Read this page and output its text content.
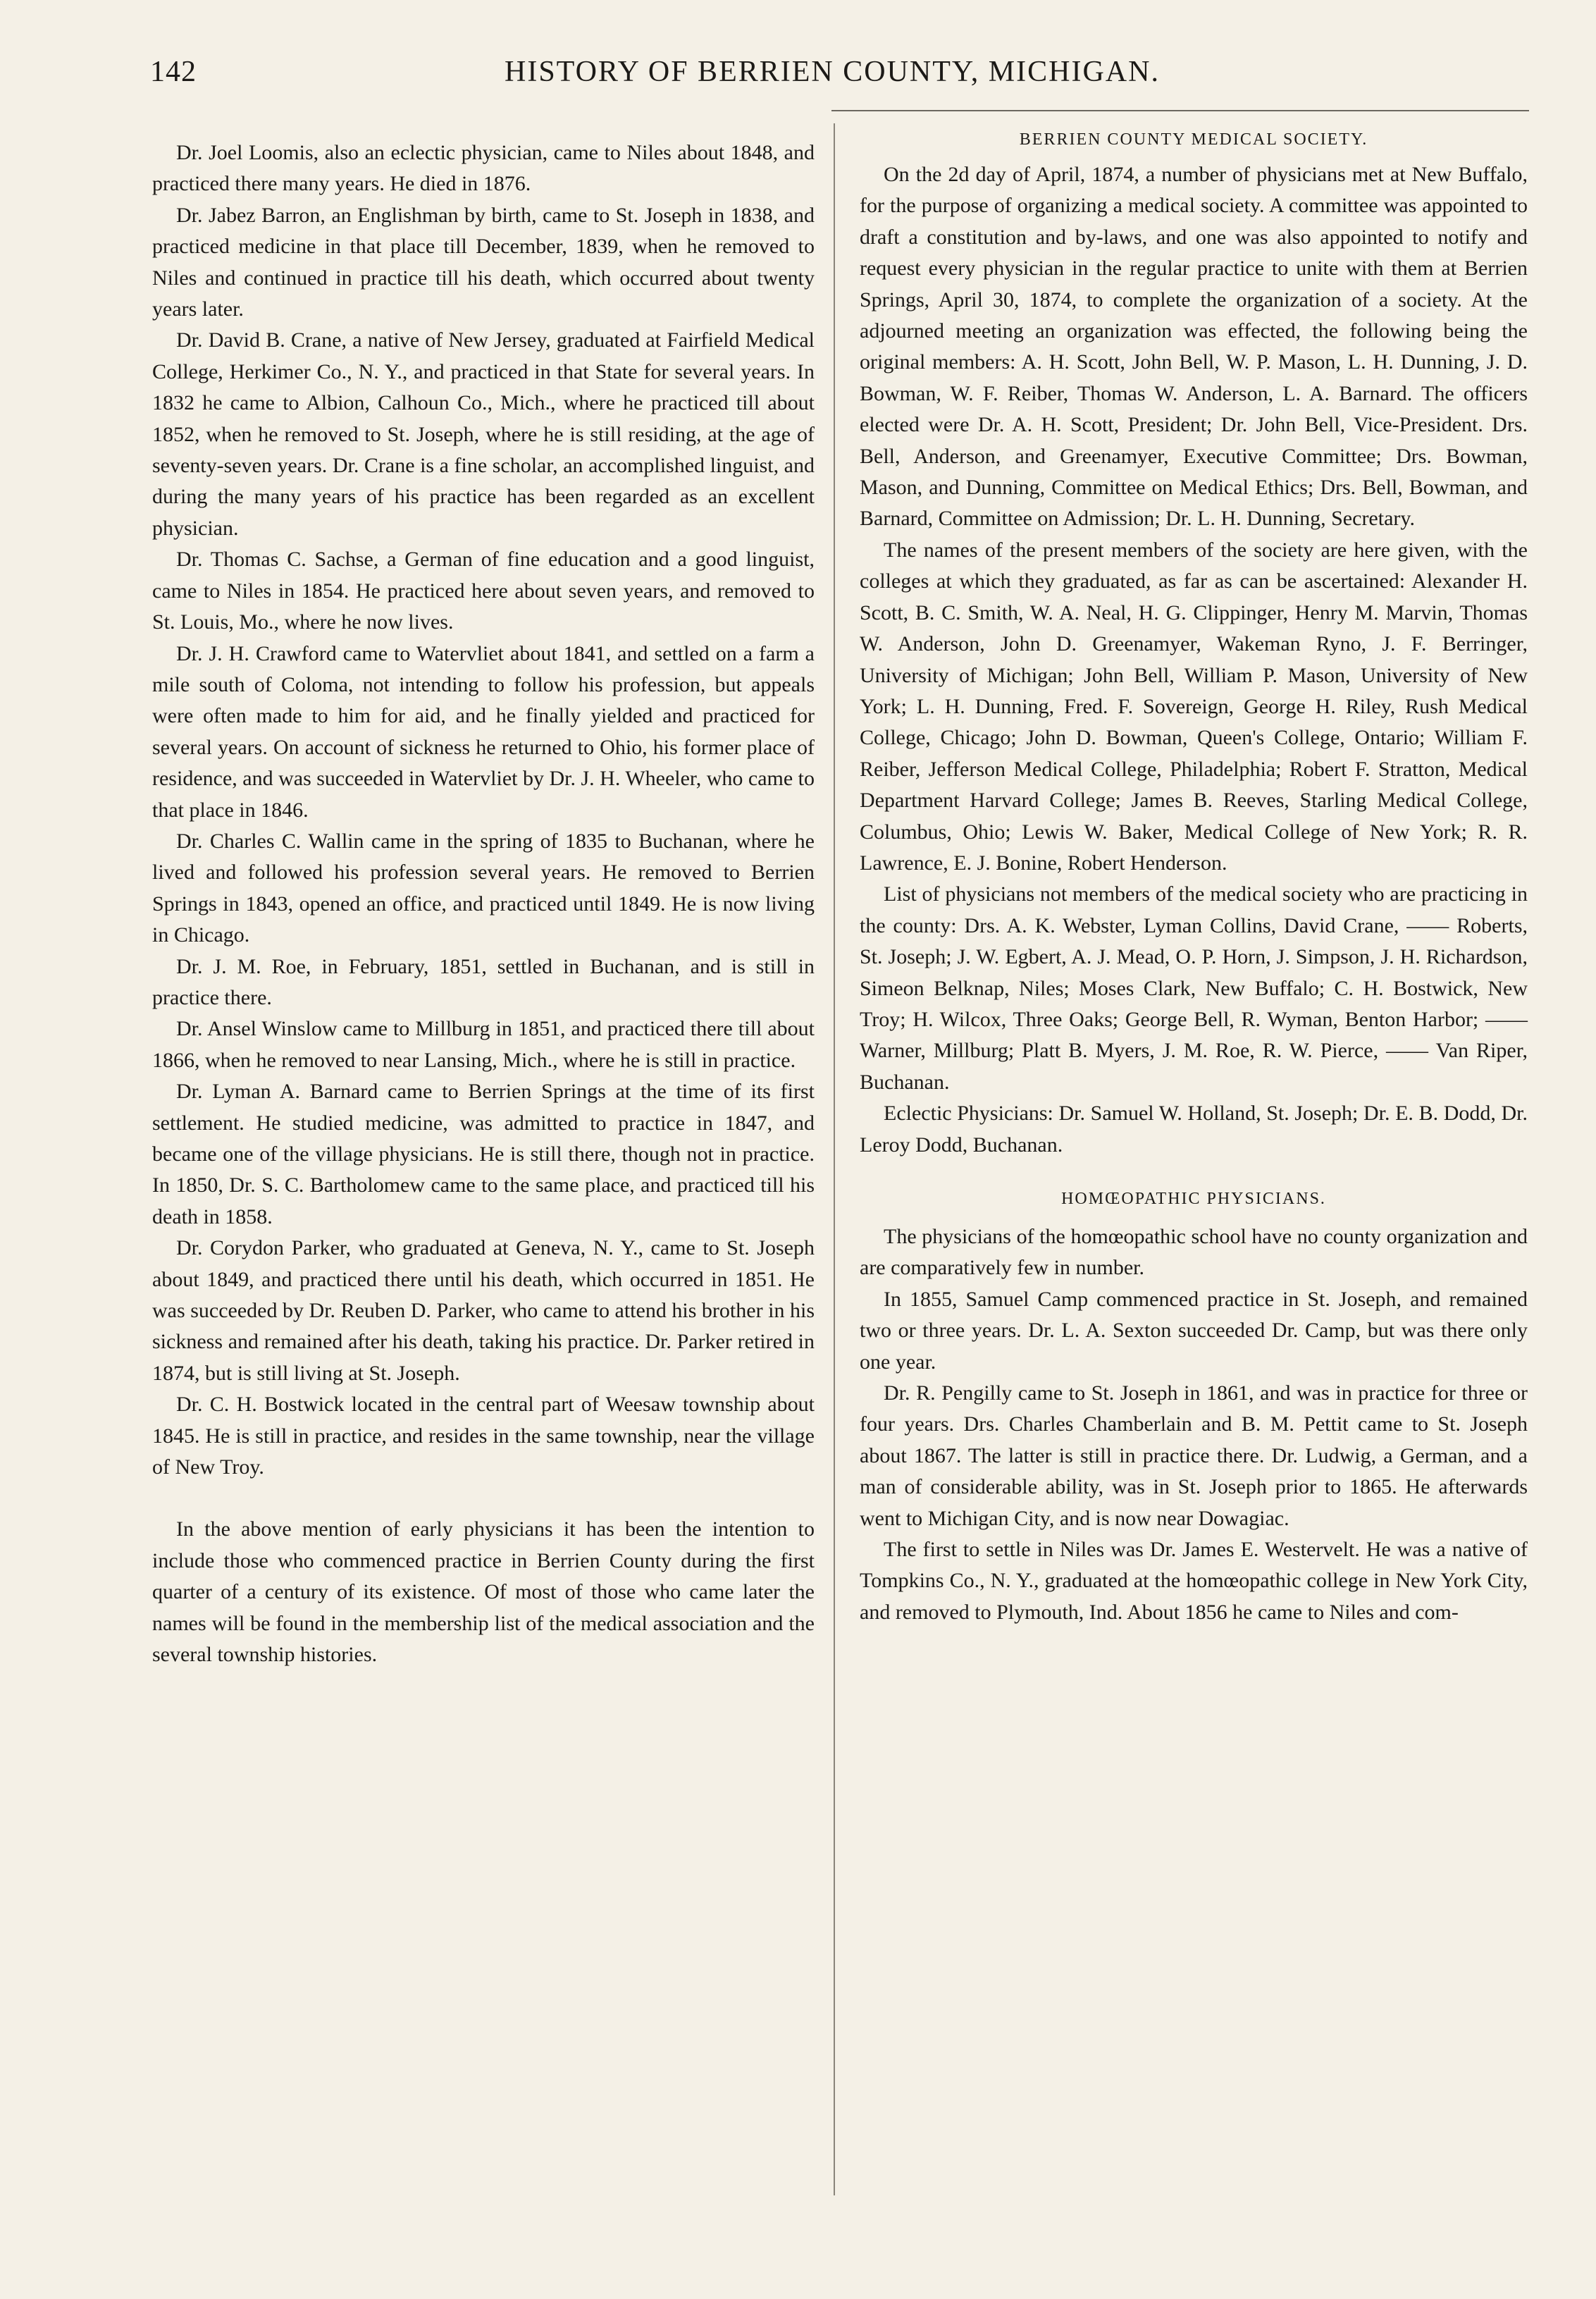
142	HISTORY OF BERRIEN COUNTY, MICHIGAN.

Dr. Joel Loomis, also an eclectic physician, came to Niles about 1848, and practiced there many years. He died in 1876.

Dr. Jabez Barron, an Englishman by birth, came to St. Joseph in 1838, and practiced medicine in that place till December, 1839, when he removed to Niles and continued in practice till his death, which occurred about twenty years later.

Dr. David B. Crane, a native of New Jersey, graduated at Fairfield Medical College, Herkimer Co., N. Y., and practiced in that State for several years. In 1832 he came to Albion, Calhoun Co., Mich., where he practiced till about 1852, when he removed to St. Joseph, where he is still residing, at the age of seventy-seven years. Dr. Crane is a fine scholar, an accomplished linguist, and during the many years of his practice has been regarded as an excellent physician.

Dr. Thomas C. Sachse, a German of fine education and a good linguist, came to Niles in 1854. He practiced here about seven years, and removed to St. Louis, Mo., where he now lives.

Dr. J. H. Crawford came to Watervliet about 1841, and settled on a farm a mile south of Coloma, not intending to follow his profession, but appeals were often made to him for aid, and he finally yielded and practiced for several years. On account of sickness he returned to Ohio, his former place of residence, and was succeeded in Watervliet by Dr. J. H. Wheeler, who came to that place in 1846.

Dr. Charles C. Wallin came in the spring of 1835 to Buchanan, where he lived and followed his profession several years. He removed to Berrien Springs in 1843, opened an office, and practiced until 1849. He is now living in Chicago.

Dr. J. M. Roe, in February, 1851, settled in Buchanan, and is still in practice there.

Dr. Ansel Winslow came to Millburg in 1851, and practiced there till about 1866, when he removed to near Lansing, Mich., where he is still in practice.

Dr. Lyman A. Barnard came to Berrien Springs at the time of its first settlement. He studied medicine, was admitted to practice in 1847, and became one of the village physicians. He is still there, though not in practice. In 1850, Dr. S. C. Bartholomew came to the same place, and practiced till his death in 1858.

Dr. Corydon Parker, who graduated at Geneva, N. Y., came to St. Joseph about 1849, and practiced there until his death, which occurred in 1851. He was succeeded by Dr. Reuben D. Parker, who came to attend his brother in his sickness and remained after his death, taking his practice. Dr. Parker retired in 1874, but is still living at St. Joseph.

Dr. C. H. Bostwick located in the central part of Weesaw township about 1845. He is still in practice, and resides in the same township, near the village of New Troy.

In the above mention of early physicians it has been the intention to include those who commenced practice in Berrien County during the first quarter of a century of its existence. Of most of those who came later the names will be found in the membership list of the medical association and the several township histories.

BERRIEN COUNTY MEDICAL SOCIETY.

On the 2d day of April, 1874, a number of physicians met at New Buffalo, for the purpose of organizing a medical society. A committee was appointed to draft a constitution and by-laws, and one was also appointed to notify and request every physician in the regular practice to unite with them at Berrien Springs, April 30, 1874, to complete the organization of a society. At the adjourned meeting an organization was effected, the following being the original members: A. H. Scott, John Bell, W. P. Mason, L. H. Dunning, J. D. Bowman, W. F. Reiber, Thomas W. Anderson, L. A. Barnard. The officers elected were Dr. A. H. Scott, President; Dr. John Bell, Vice-President. Drs. Bell, Anderson, and Greenamyer, Executive Committee; Drs. Bowman, Mason, and Dunning, Committee on Medical Ethics; Drs. Bell, Bowman, and Barnard, Committee on Admission; Dr. L. H. Dunning, Secretary.

The names of the present members of the society are here given, with the colleges at which they graduated, as far as can be ascertained: Alexander H. Scott, B. C. Smith, W. A. Neal, H. G. Clippinger, Henry M. Marvin, Thomas W. Anderson, John D. Greenamyer, Wakeman Ryno, J. F. Berringer, University of Michigan; John Bell, William P. Mason, University of New York; L. H. Dunning, Fred. F. Sovereign, George H. Riley, Rush Medical College, Chicago; John D. Bowman, Queen's College, Ontario; William F. Reiber, Jefferson Medical College, Philadelphia; Robert F. Stratton, Medical Department Harvard College; James B. Reeves, Starling Medical College, Columbus, Ohio; Lewis W. Baker, Medical College of New York; R. R. Lawrence, E. J. Bonine, Robert Henderson.

List of physicians not members of the medical society who are practicing in the county: Drs. A. K. Webster, Lyman Collins, David Crane, —— Roberts, St. Joseph; J. W. Egbert, A. J. Mead, O. P. Horn, J. Simpson, J. H. Richardson, Simeon Belknap, Niles; Moses Clark, New Buffalo; C. H. Bostwick, New Troy; H. Wilcox, Three Oaks; George Bell, R. Wyman, Benton Harbor; —— Warner, Millburg; Platt B. Myers, J. M. Roe, R. W. Pierce, —— Van Riper, Buchanan.

Eclectic Physicians: Dr. Samuel W. Holland, St. Joseph; Dr. E. B. Dodd, Dr. Leroy Dodd, Buchanan.

HOMŒOPATHIC PHYSICIANS.

The physicians of the homœopathic school have no county organization and are comparatively few in number.

In 1855, Samuel Camp commenced practice in St. Joseph, and remained two or three years. Dr. L. A. Sexton succeeded Dr. Camp, but was there only one year.

Dr. R. Pengilly came to St. Joseph in 1861, and was in practice for three or four years. Drs. Charles Chamberlain and B. M. Pettit came to St. Joseph about 1867. The latter is still in practice there. Dr. Ludwig, a German, and a man of considerable ability, was in St. Joseph prior to 1865. He afterwards went to Michigan City, and is now near Dowagiac.

The first to settle in Niles was Dr. James E. Westervelt. He was a native of Tompkins Co., N. Y., graduated at the homœopathic college in New York City, and removed to Plymouth, Ind. About 1856 he came to Niles and com-
